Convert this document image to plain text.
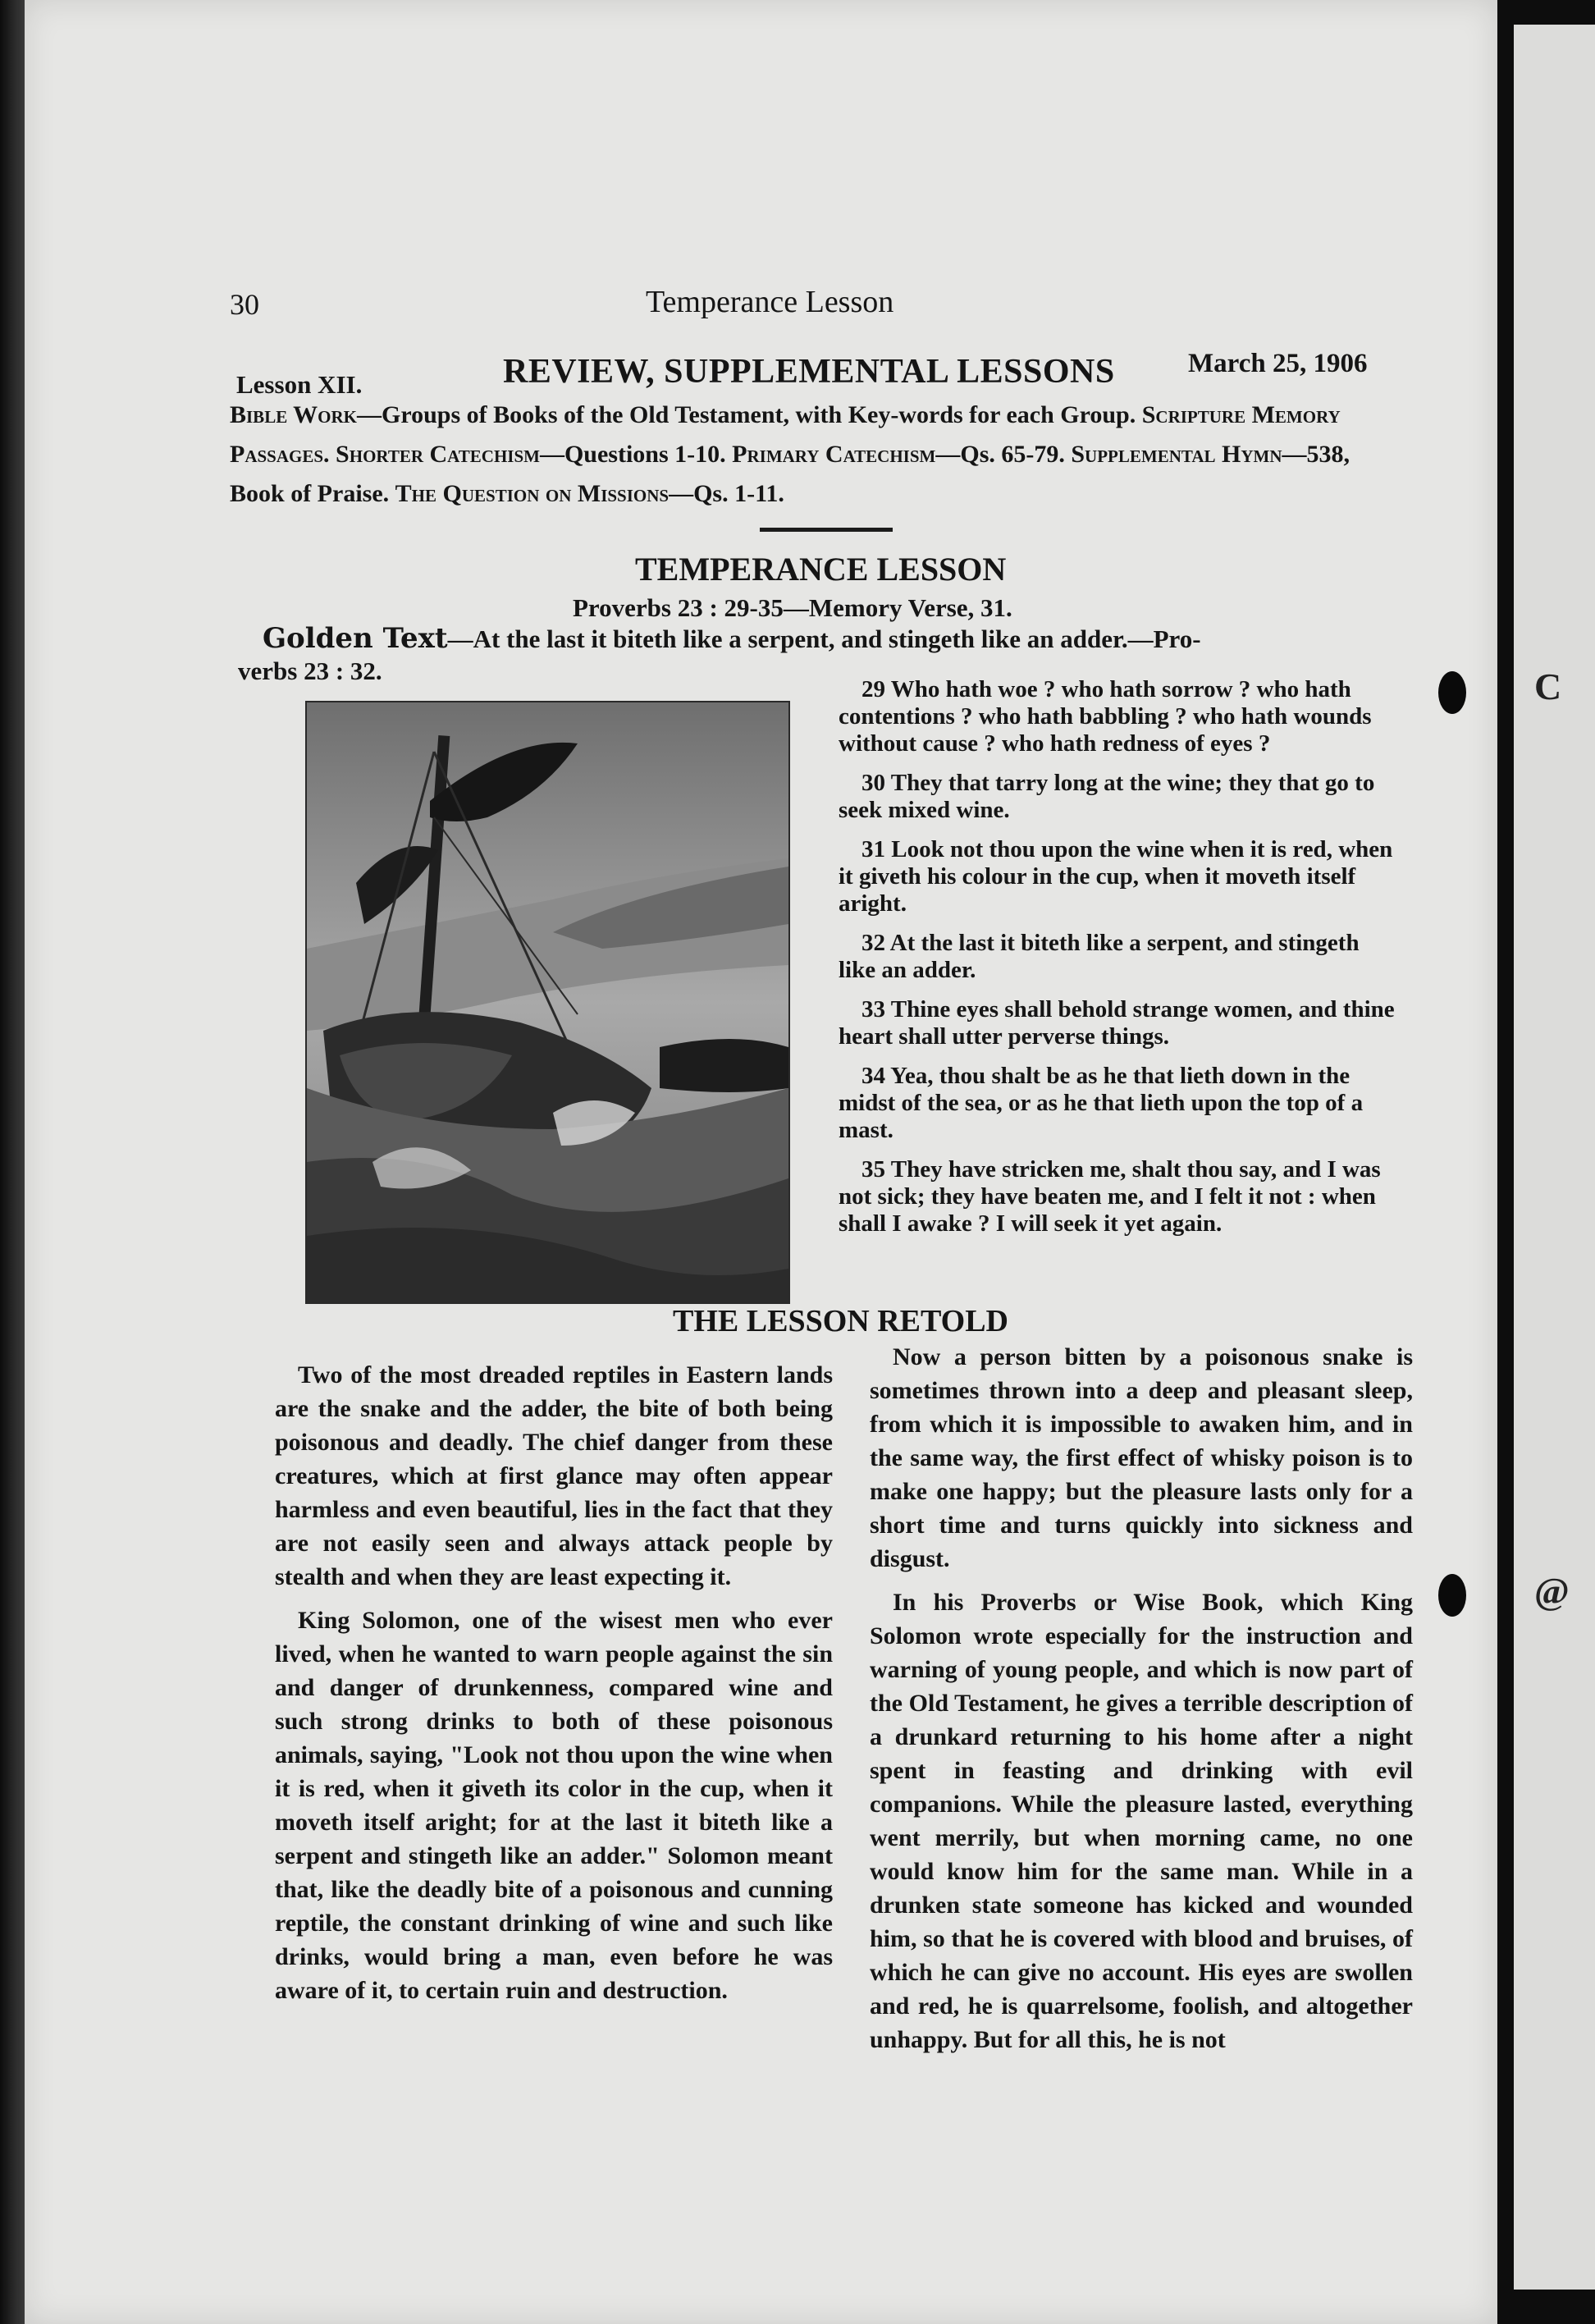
30	Temperance Lesson
Lesson XII.	REVIEW, SUPPLEMENTAL LESSONS	March 25, 1906
Bible Work—Groups of Books of the Old Testament, with Key-words for each Group. Scripture Memory Passages. Shorter Catechism—Questions 1-10. Primary Catechism—Qs. 65-79. Supplemental Hymn—538, Book of Praise. The Question on Missions—Qs. 1-11.
TEMPERANCE LESSON
Proverbs 23 : 29-35—Memory Verse, 31.
Golden Text—At the last it biteth like a serpent, and stingeth like an adder.—Pro-
verbs 23 : 32.

29 Who hath woe ? who hath sorrow ? who hath contentions ? who hath babbling ? who hath wounds without cause ? who hath redness of eyes ?

30 They that tarry long at the wine; they that go to seek mixed wine.

31 Look not thou upon the wine when it is red, when it giveth his colour in the cup, when it moveth itself aright.

32 At the last it biteth like a serpent, and stingeth like an adder.

33 Thine eyes shall behold strange women, and thine heart shall utter perverse things.

34 Yea, thou shalt be as he that lieth down in the midst of the sea, or as he that lieth upon the top of a mast.

35 They have stricken me, shalt thou say, and I was not sick; they have beaten me, and I felt it not : when shall I awake ? I will seek it yet again.

THE LESSON RETOLD

Two of the most dreaded reptiles in Eastern lands are the snake and the adder, the bite of both being poisonous and deadly. The chief danger from these creatures, which at first glance may often appear harmless and even beautiful, lies in the fact that they are not easily seen and always attack people by stealth and when they are least expecting it.

King Solomon, one of the wisest men who ever lived, when he wanted to warn people against the sin and danger of drunkenness, compared wine and such strong drinks to both of these poisonous animals, saying, "Look not thou upon the wine when it is red, when it giveth its color in the cup, when it moveth itself aright; for at the last it biteth like a serpent and stingeth like an adder." Solomon meant that, like the deadly bite of a poisonous and cunning reptile, the constant drinking of wine and such like drinks, would bring a man, even before he was aware of it, to certain ruin and destruction.

Now a person bitten by a poisonous snake is sometimes thrown into a deep and pleasant sleep, from which it is impossible to awaken him, and in the same way, the first effect of whisky poison is to make one happy; but the pleasure lasts only for a short time and turns quickly into sickness and disgust.

In his Proverbs or Wise Book, which King Solomon wrote especially for the instruction and warning of young people, and which is now part of the Old Testament, he gives a terrible description of a drunkard returning to his home after a night spent in feasting and drinking with evil companions. While the pleasure lasted, everything went merrily, but when morning came, no one would know him for the same man. While in a drunken state someone has kicked and wounded him, so that he is covered with blood and bruises, of which he can give no account. His eyes are swollen and red, he is quarrelsome, foolish, and altogether unhappy. But for all this, he is not

C
@
